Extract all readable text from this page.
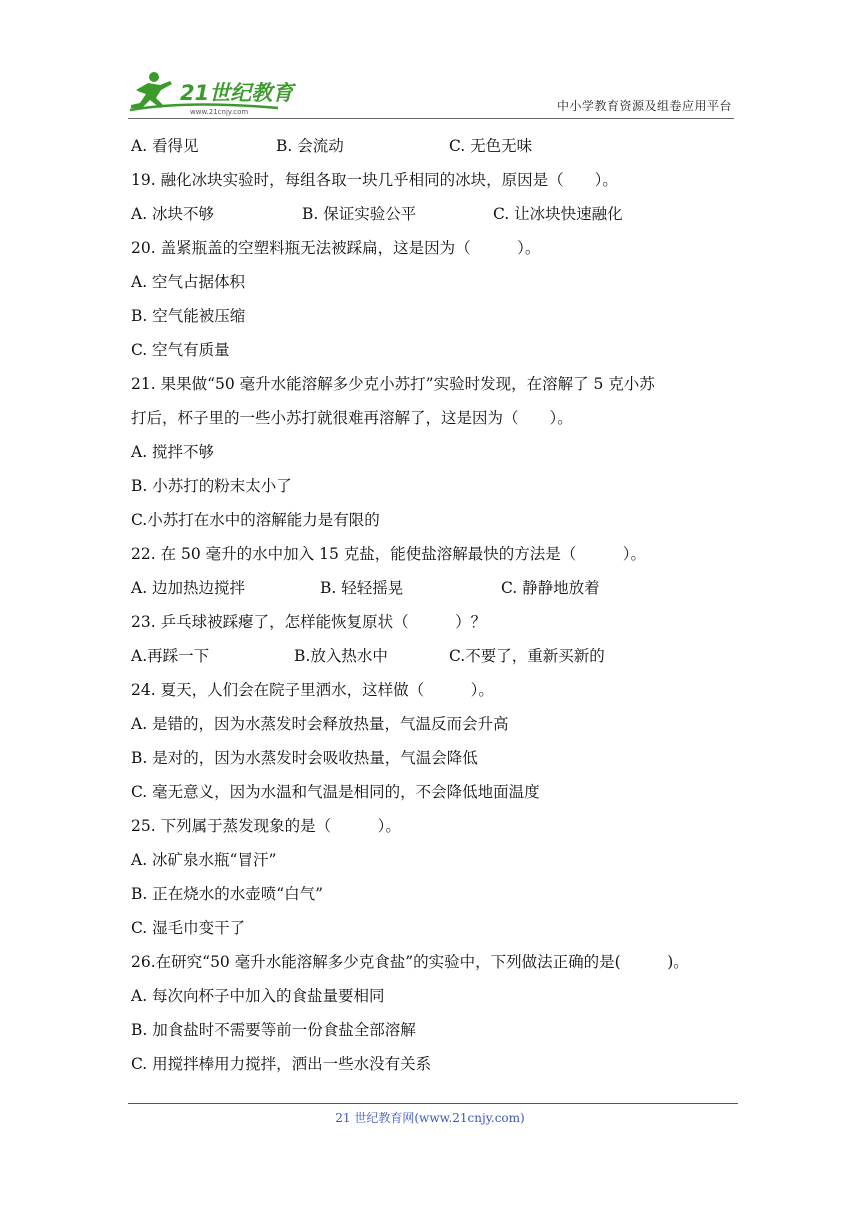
21世纪教育
www.21cnjy.com	中小学教育资源及组卷应用平台
A. 看得见	B. 会流动	C. 无色无味
19. 融化冰块实验时，每组各取一块几乎相同的冰块，原因是（　　）。
A. 冰块不够	B. 保证实验公平	C. 让冰块快速融化
20. 盖紧瓶盖的空塑料瓶无法被踩扁，这是因为（　　　）。
A. 空气占据体积
B. 空气能被压缩
C. 空气有质量
21. 果果做“50 毫升水能溶解多少克小苏打”实验时发现，在溶解了 5 克小苏
打后，杯子里的一些小苏打就很难再溶解了，这是因为（　　）。
A. 搅拌不够
B. 小苏打的粉末太小了
C.小苏打在水中的溶解能力是有限的
22. 在 50 毫升的水中加入 15 克盐，能使盐溶解最快的方法是（　　　）。
A. 边加热边搅拌	B. 轻轻摇晃	C. 静静地放着
23. 乒乓球被踩瘪了，怎样能恢复原状（　　　）？
A.再踩一下	B.放入热水中	C.不要了，重新买新的
24. 夏天，人们会在院子里洒水，这样做（　　　）。
A. 是错的，因为水蒸发时会释放热量，气温反而会升高
B. 是对的，因为水蒸发时会吸收热量，气温会降低
C. 毫无意义，因为水温和气温是相同的，不会降低地面温度
25. 下列属于蒸发现象的是（　　　）。
A. 冰矿泉水瓶“冒汗”
B. 正在烧水的水壶喷“白气”
C. 湿毛巾变干了
26.在研究“50 毫升水能溶解多少克食盐”的实验中，下列做法正确的是(　　　)。
A. 每次向杯子中加入的食盐量要相同
B. 加食盐时不需要等前一份食盐全部溶解
C. 用搅拌棒用力搅拌，洒出一些水没有关系
21 世纪教育网(www.21cnjy.com)
